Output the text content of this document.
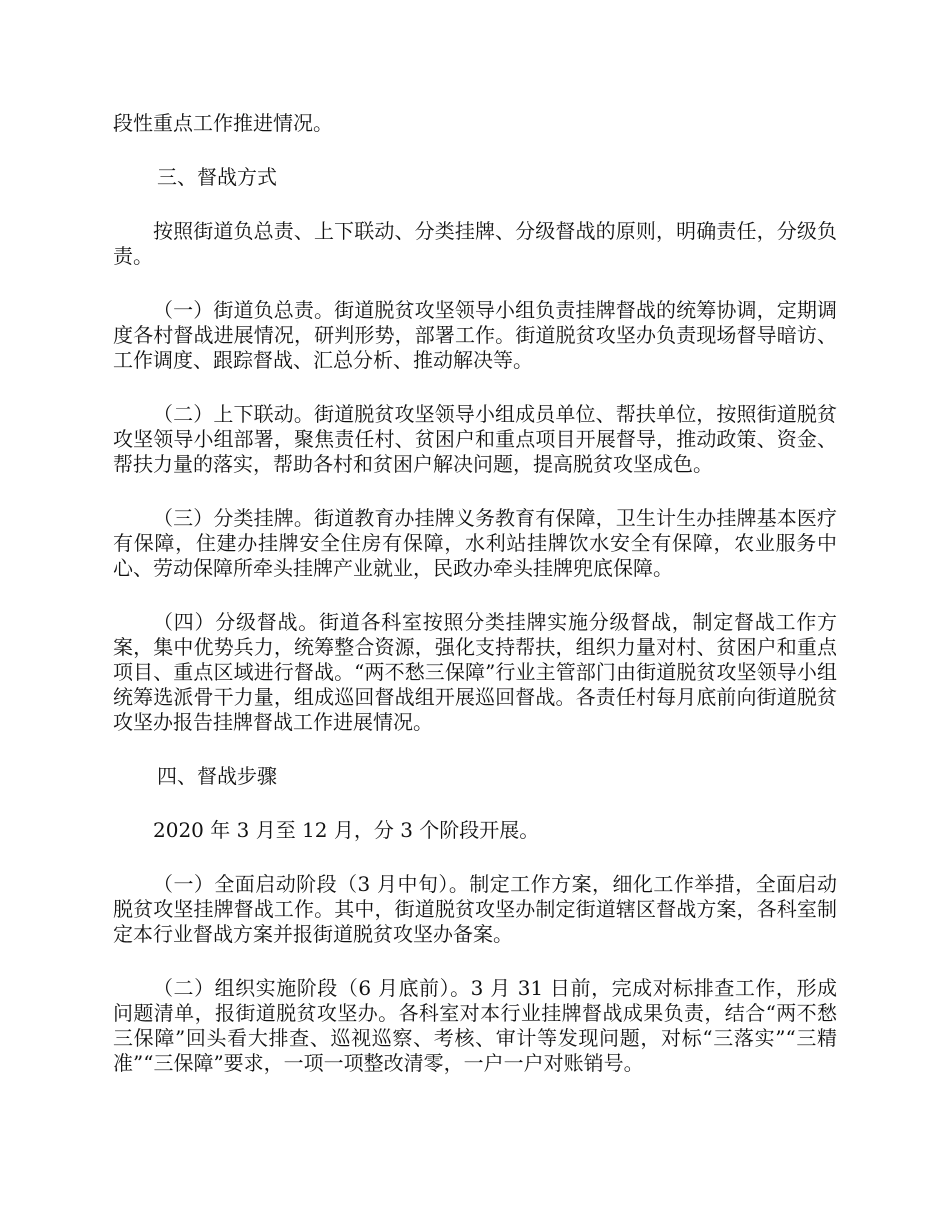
段性重点工作推进情况。

三、督战方式

按照街道负总责、上下联动、分类挂牌、分级督战的原则，明确责任，分级负责。

（一）街道负总责。街道脱贫攻坚领导小组负责挂牌督战的统筹协调，定期调度各村督战进展情况，研判形势，部署工作。街道脱贫攻坚办负责现场督导暗访、工作调度、跟踪督战、汇总分析、推动解决等。

（二）上下联动。街道脱贫攻坚领导小组成员单位、帮扶单位，按照街道脱贫攻坚领导小组部署，聚焦责任村、贫困户和重点项目开展督导，推动政策、资金、帮扶力量的落实，帮助各村和贫困户解决问题，提高脱贫攻坚成色。

（三）分类挂牌。街道教育办挂牌义务教育有保障，卫生计生办挂牌基本医疗有保障，住建办挂牌安全住房有保障，水利站挂牌饮水安全有保障，农业服务中心、劳动保障所牵头挂牌产业就业，民政办牵头挂牌兜底保障。

（四）分级督战。街道各科室按照分类挂牌实施分级督战，制定督战工作方案，集中优势兵力，统筹整合资源，强化支持帮扶，组织力量对村、贫困户和重点项目、重点区域进行督战。“两不愁三保障”行业主管部门由街道脱贫攻坚领导小组统筹选派骨干力量，组成巡回督战组开展巡回督战。各责任村每月底前向街道脱贫攻坚办报告挂牌督战工作进展情况。

四、督战步骤

2020 年 3 月至 12 月，分 3 个阶段开展。

（一）全面启动阶段（3 月中旬）。制定工作方案，细化工作举措，全面启动脱贫攻坚挂牌督战工作。其中，街道脱贫攻坚办制定街道辖区督战方案，各科室制定本行业督战方案并报街道脱贫攻坚办备案。

（二）组织实施阶段（6 月底前）。3 月 31 日前，完成对标排查工作，形成问题清单，报街道脱贫攻坚办。各科室对本行业挂牌督战成果负责，结合“两不愁三保障”回头看大排查、巡视巡察、考核、审计等发现问题，对标“三落实”“三精准”“三保障”要求，一项一项整改清零，一户一户对账销号。
